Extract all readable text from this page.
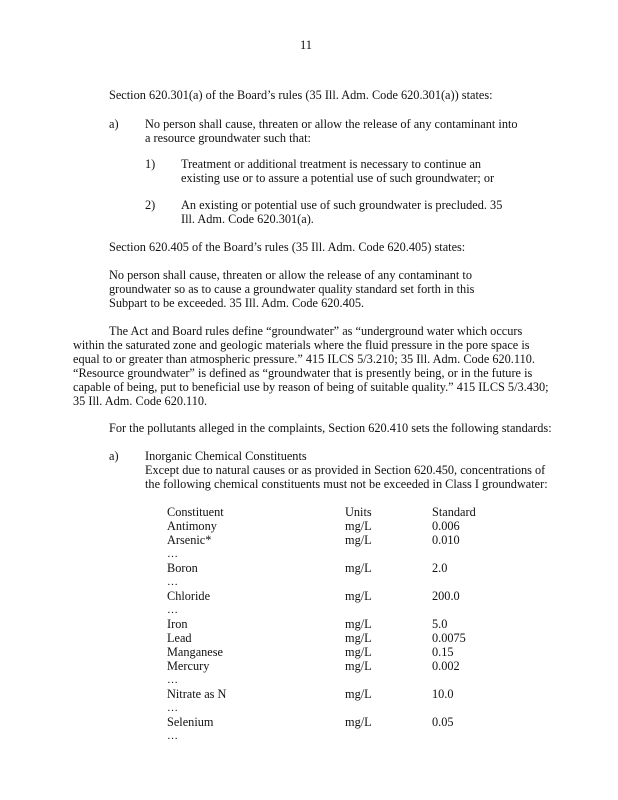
11
Section 620.301(a) of the Board’s rules (35 Ill. Adm. Code 620.301(a)) states:
a) No person shall cause, threaten or allow the release of any contaminant into
a resource groundwater such that:
1) Treatment or additional treatment is necessary to continue an
existing use or to assure a potential use of such groundwater; or
2) An existing or potential use of such groundwater is precluded. 35
Ill. Adm. Code 620.301(a).
Section 620.405 of the Board’s rules (35 Ill. Adm. Code 620.405) states:
No person shall cause, threaten or allow the release of any contaminant to
groundwater so as to cause a groundwater quality standard set forth in this
Subpart to be exceeded. 35 Ill. Adm. Code 620.405.
The Act and Board rules define “groundwater” as “underground water which occurs
within the saturated zone and geologic materials where the fluid pressure in the pore space is
equal to or greater than atmospheric pressure.” 415 ILCS 5/3.210; 35 Ill. Adm. Code 620.110.
“Resource groundwater” is defined as “groundwater that is presently being, or in the future is
capable of being, put to beneficial use by reason of being of suitable quality.” 415 ILCS 5/3.430;
35 Ill. Adm. Code 620.110.
For the pollutants alleged in the complaints, Section 620.410 sets the following standards:
a) Inorganic Chemical Constituents
Except due to natural causes or as provided in Section 620.450, concentrations of
the following chemical constituents must not be exceeded in Class I groundwater:
Constituent	Units	Standard
Antimony	mg/L	0.006
Arsenic*	mg/L	0.010
…
Boron	mg/L	2.0
…
Chloride	mg/L	200.0
…
Iron	mg/L	5.0
Lead	mg/L	0.0075
Manganese	mg/L	0.15
Mercury	mg/L	0.002
…
Nitrate as N	mg/L	10.0
…
Selenium	mg/L	0.05
…
